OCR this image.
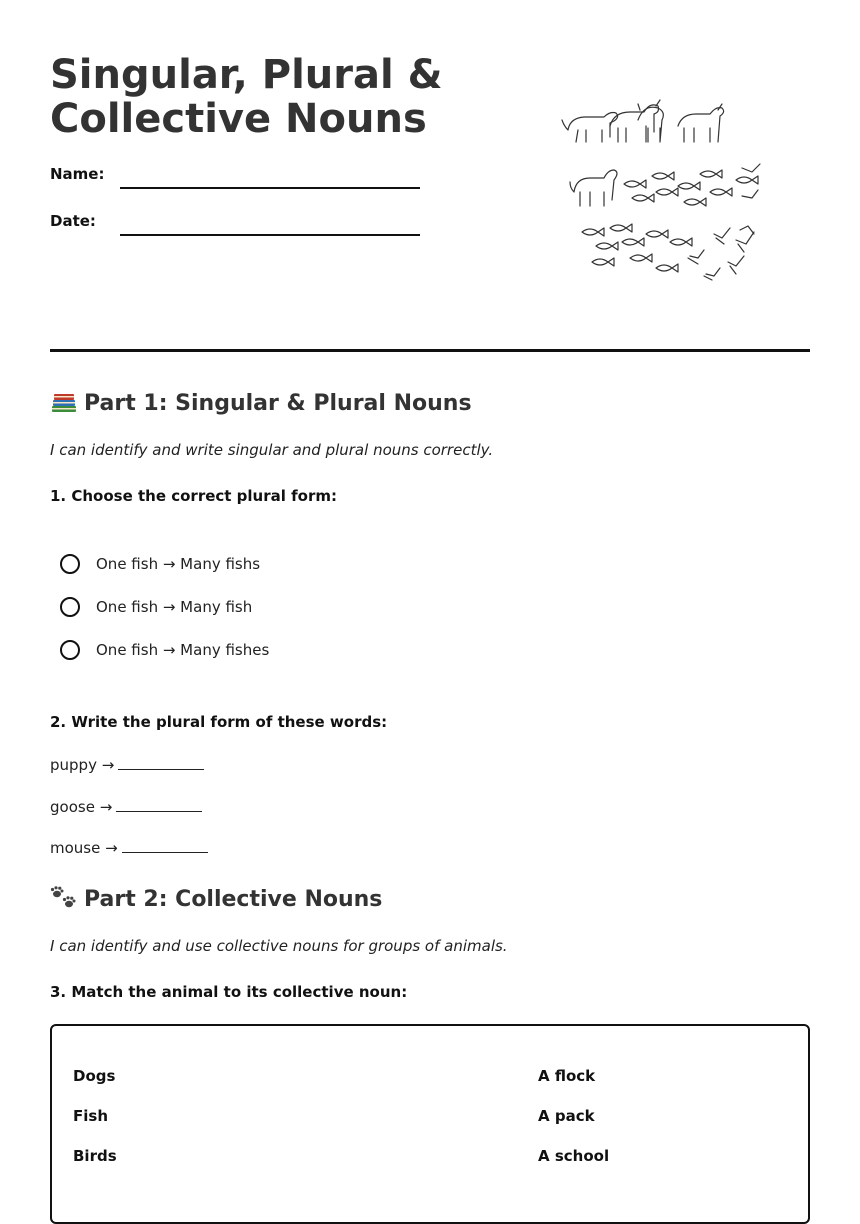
Singular, Plural &
Collective Nouns
Name:
Date:
Part 1: Singular & Plural Nouns
I can identify and write singular and plural nouns correctly.
1. Choose the correct plural form:
One fish → Many fishs
One fish → Many fish
One fish → Many fishes
2. Write the plural form of these words:
puppy →
goose →
mouse →
Part 2: Collective Nouns
I can identify and use collective nouns for groups of animals.
3. Match the animal to its collective noun:
Dogs
Fish
Birds
A flock
A pack
A school
